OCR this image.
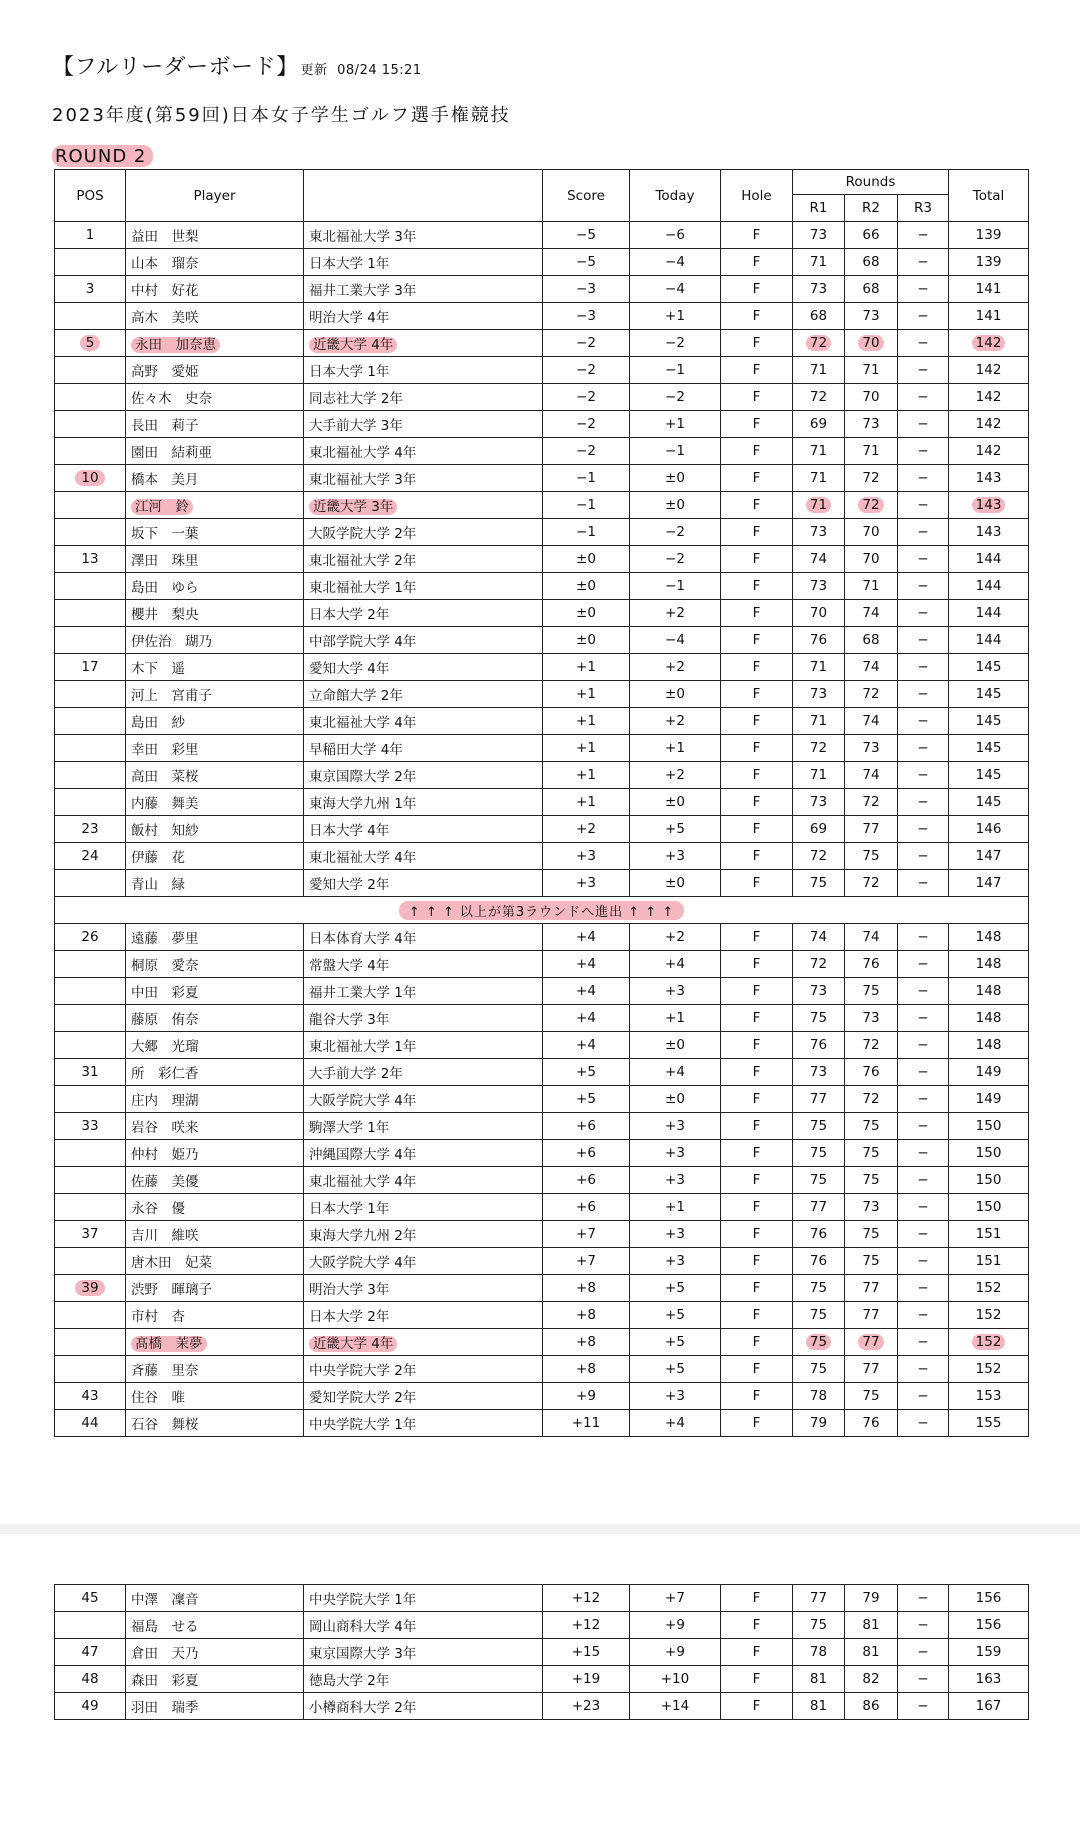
【フルリーダーボード】 更新 08/24 15:21
2023年度(第59回)日本女子学生ゴルフ選手権競技
ROUND 2
POS	Player		Score	Today	Hole	Rounds			Total
						R1	R2	R3	
1	益田　世梨	東北福祉大学 3年	−5	−6	F	73	66	−	139
	山本　瑠奈	日本大学 1年	−5	−4	F	71	68	−	139
3	中村　好花	福井工業大学 3年	−3	−4	F	73	68	−	141
	高木　美咲	明治大学 4年	−3	+1	F	68	73	−	141
5	永田　加奈恵	近畿大学 4年	−2	−2	F	72	70	−	142
	高野　愛姫	日本大学 1年	−2	−1	F	71	71	−	142
	佐々木　史奈	同志社大学 2年	−2	−2	F	72	70	−	142
	長田　莉子	大手前大学 3年	−2	+1	F	69	73	−	142
	園田　結莉亜	東北福祉大学 4年	−2	−1	F	71	71	−	142
10	橋本　美月	東北福祉大学 3年	−1	±0	F	71	72	−	143
	江河　鈴	近畿大学 3年	−1	±0	F	71	72	−	143
	坂下　一葉	大阪学院大学 2年	−1	−2	F	73	70	−	143
13	澤田　珠里	東北福祉大学 2年	±0	−2	F	74	70	−	144
	島田　ゆら	東北福祉大学 1年	±0	−1	F	73	71	−	144
	櫻井　梨央	日本大学 2年	±0	+2	F	70	74	−	144
	伊佐治　瑚乃	中部学院大学 4年	±0	−4	F	76	68	−	144
17	木下　遥	愛知大学 4年	+1	+2	F	71	74	−	145
	河上　宮甫子	立命館大学 2年	+1	±0	F	73	72	−	145
	島田　紗	東北福祉大学 4年	+1	+2	F	71	74	−	145
	幸田　彩里	早稲田大学 4年	+1	+1	F	72	73	−	145
	高田　菜桜	東京国際大学 2年	+1	+2	F	71	74	−	145
	内藤　舞美	東海大学九州 1年	+1	±0	F	73	72	−	145
23	飯村　知紗	日本大学 4年	+2	+5	F	69	77	−	146
24	伊藤　花	東北福祉大学 4年	+3	+3	F	72	75	−	147
	青山　緑	愛知大学 2年	+3	±0	F	75	72	−	147
↑ ↑ ↑ 以上が第3ラウンドへ進出 ↑ ↑ ↑									
26	遠藤　夢里	日本体育大学 4年	+4	+2	F	74	74	−	148
	桐原　愛奈	常盤大学 4年	+4	+4	F	72	76	−	148
	中田　彩夏	福井工業大学 1年	+4	+3	F	73	75	−	148
	藤原　侑奈	龍谷大学 3年	+4	+1	F	75	73	−	148
	大郷　光瑠	東北福祉大学 1年	+4	±0	F	76	72	−	148
31	所　彩仁香	大手前大学 2年	+5	+4	F	73	76	−	149
	庄内　理湖	大阪学院大学 4年	+5	±0	F	77	72	−	149
33	岩谷　咲来	駒澤大学 1年	+6	+3	F	75	75	−	150
	仲村　姫乃	沖縄国際大学 4年	+6	+3	F	75	75	−	150
	佐藤　美優	東北福祉大学 4年	+6	+3	F	75	75	−	150
	永谷　優	日本大学 1年	+6	+1	F	77	73	−	150
37	吉川　維咲	東海大学九州 2年	+7	+3	F	76	75	−	151
	唐木田　妃菜	大阪学院大学 4年	+7	+3	F	76	75	−	151
39	渋野　暉璃子	明治大学 3年	+8	+5	F	75	77	−	152
	市村　杏	日本大学 2年	+8	+5	F	75	77	−	152
	髙橋　茉夢	近畿大学 4年	+8	+5	F	75	77	−	152
	斉藤　里奈	中央学院大学 2年	+8	+5	F	75	77	−	152
43	住谷　唯	愛知学院大学 2年	+9	+3	F	78	75	−	153
44	石谷　舞桜	中央学院大学 1年	+11	+4	F	79	76	−	155
45	中澤　凜音	中央学院大学 1年	+12	+7	F	77	79	−	156
	福島　せる	岡山商科大学 4年	+12	+9	F	75	81	−	156
47	倉田　天乃	東京国際大学 3年	+15	+9	F	78	81	−	159
48	森田　彩夏	徳島大学 2年	+19	+10	F	81	82	−	163
49	羽田　瑞季	小樽商科大学 2年	+23	+14	F	81	86	−	167
